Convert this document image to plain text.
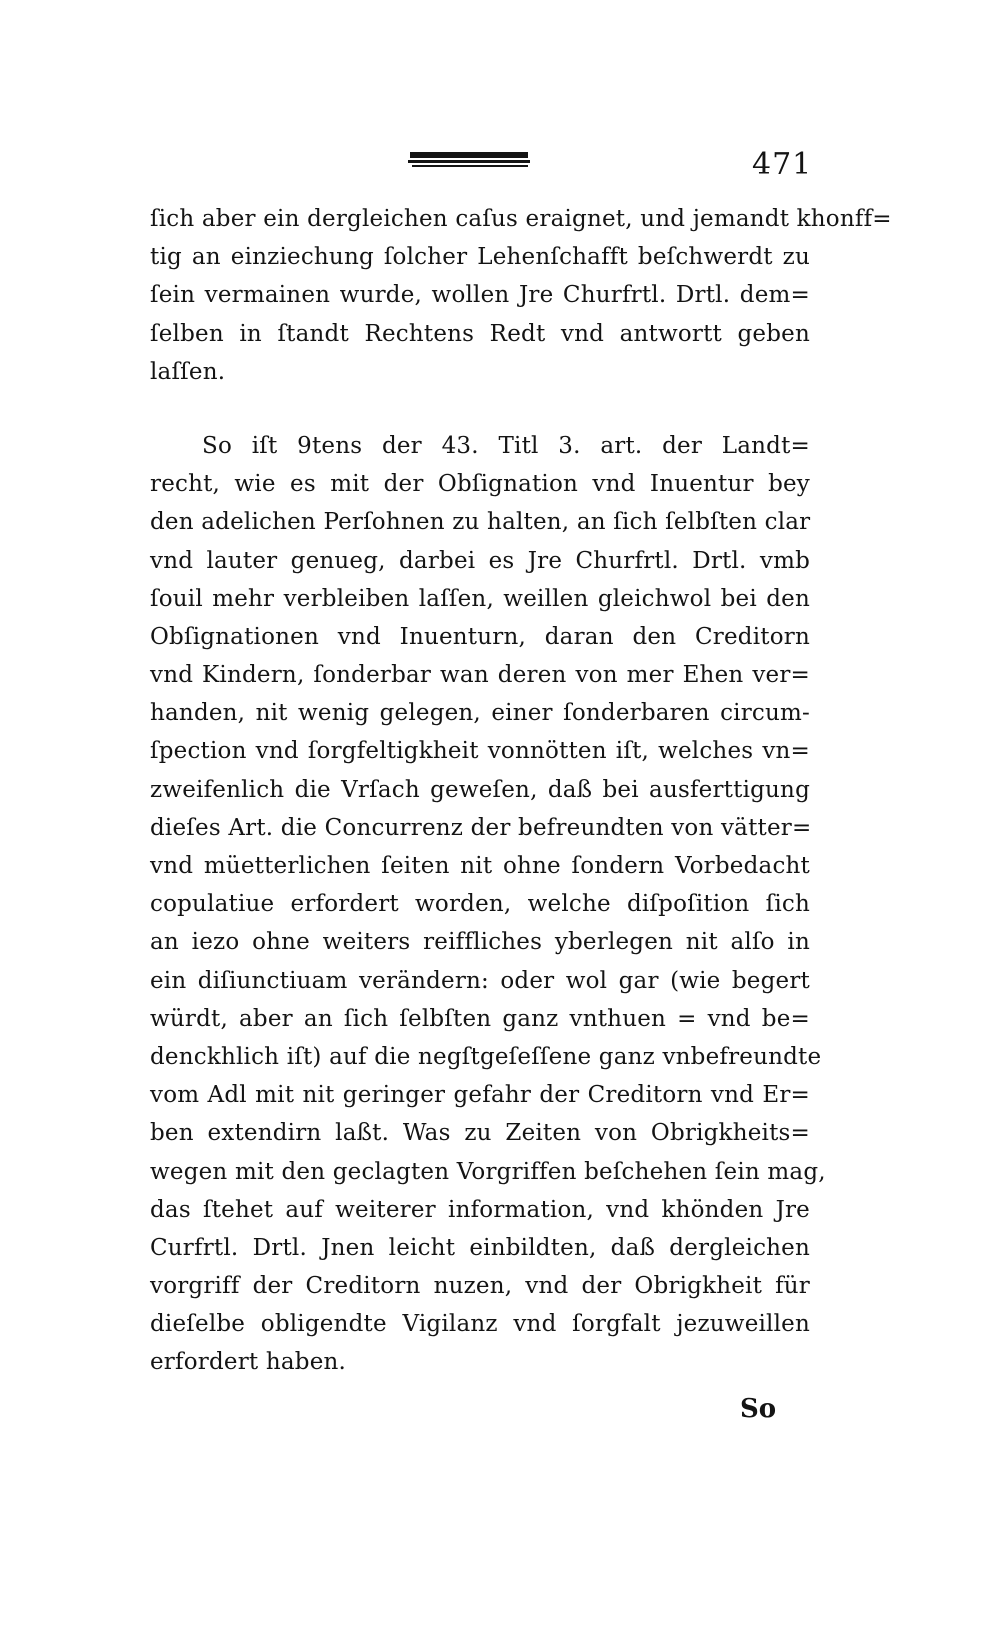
471
ſich aber ein dergleichen caſus eraignet, und jemandt khonff=
tig an einziechung ſolcher Lehenſchafft beſchwerdt zu
ſein vermainen wurde, wollen Jre Churfrtl. Drtl. dem=
ſelben in ſtandt Rechtens Redt vnd antwortt geben
laſſen.
So iſt 9tens der 43. Titl 3. art. der Landt=
recht, wie es mit der Obſignation vnd Inuentur bey
den adelichen Perſohnen zu halten, an ſich ſelbſten clar
vnd lauter genueg, darbei es Jre Churfrtl. Drtl. vmb
ſouil mehr verbleiben laſſen, weillen gleichwol bei den
Obſignationen vnd Inuenturn, daran den Creditorn
vnd Kindern, ſonderbar wan deren von mer Ehen ver=
handen, nit wenig gelegen, einer ſonderbaren circum-
ſpection vnd ſorgfeltigkheit vonnötten iſt, welches vn=
zweifenlich die Vrſach geweſen, daß bei ausferttigung
dieſes Art. die Concurrenz der befreundten von vätter=
vnd müetterlichen ſeiten nit ohne ſondern Vorbedacht
copulatiue erfordert worden, welche diſpoſition ſich
an iezo ohne weiters reiffliches yberlegen nit alſo in
ein diſiunctiuam verändern: oder wol gar (wie begert
würdt, aber an ſich ſelbſten ganz vnthuen = vnd be=
denckhlich iſt) auf die negſtgeſeſſene ganz vnbefreundte
vom Adl mit nit geringer gefahr der Creditorn vnd Er=
ben extendirn laßt. Was zu Zeiten von Obrigkheits=
wegen mit den geclagten Vorgriffen beſchehen ſein mag,
das ſtehet auf weiterer information, vnd khönden Jre
Curfrtl. Drtl. Jnen leicht einbildten, daß dergleichen
vorgriff der Creditorn nuzen, vnd der Obrigkheit für
dieſelbe obligendte Vigilanz vnd ſorgfalt jezuweillen
erfordert haben.
So
